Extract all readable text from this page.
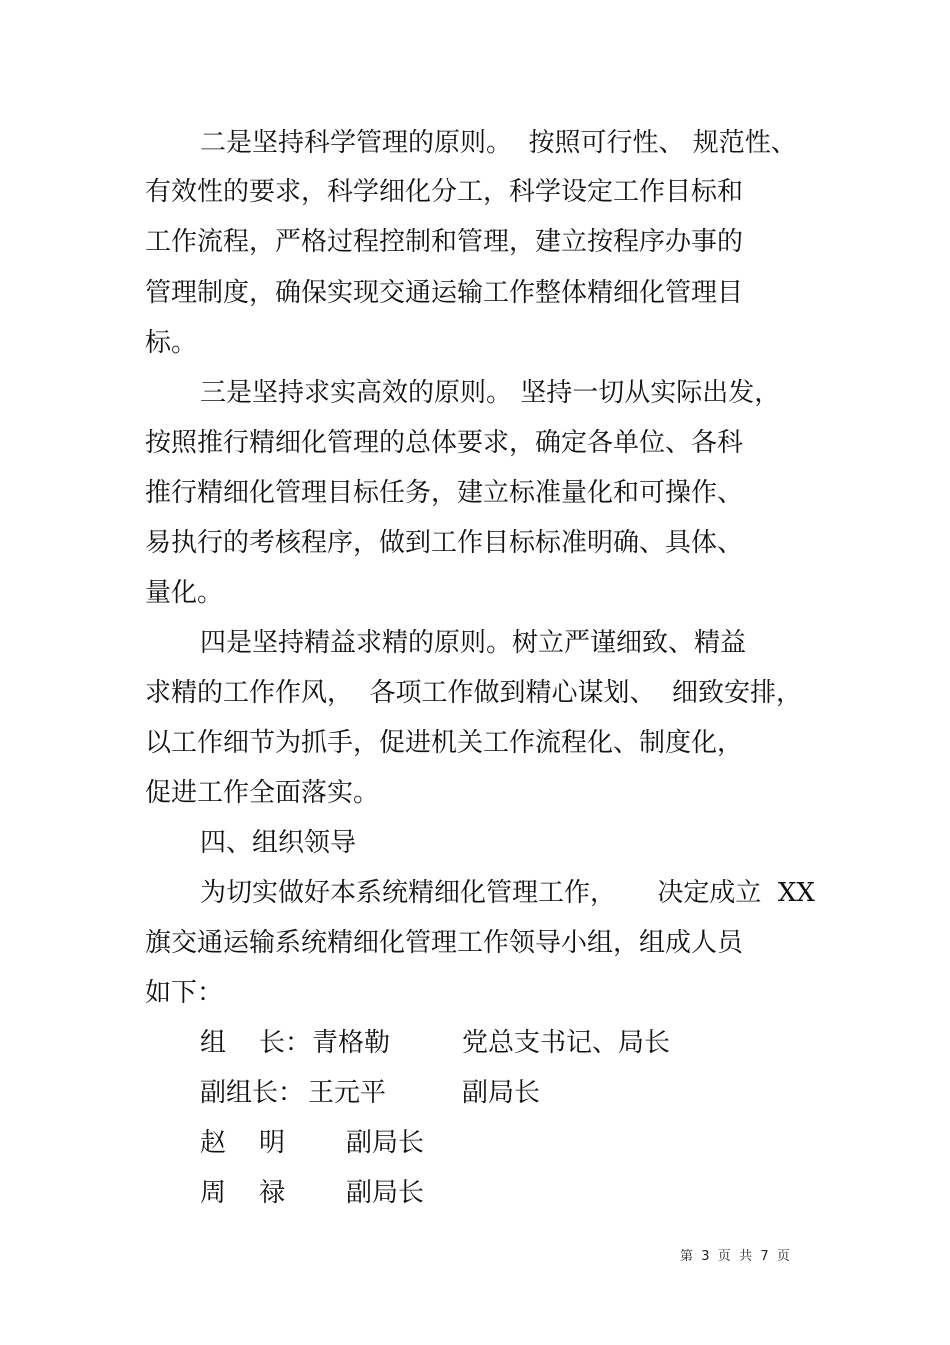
二是坚持科学管理的原则。  按照可行性、 规范性、
有效性的要求，科学细化分工，科学设定工作目标和
工作流程，严格过程控制和管理，建立按程序办事的
管理制度，确保实现交通运输工作整体精细化管理目
标。
三是坚持求实高效的原则。 坚持一切从实际出发，
按照推行精细化管理的总体要求，确定各单位、各科
推行精细化管理目标任务，建立标准量化和可操作、
易执行的考核程序，做到工作目标标准明确、具体、
量化。
四是坚持精益求精的原则。树立严谨细致、精益
求精的工作作风，  各项工作做到精心谋划、  细致安排，
以工作细节为抓手，促进机关工作流程化、制度化，
促进工作全面落实。
四、组织领导
为切实做好本系统精细化管理工作，     决定成立  XX
旗交通运输系统精细化管理工作领导小组，组成人员
如下：
组    长： 青格勒	党总支书记、局长
副组长： 王元平	副局长
赵    明 副局长
周    禄 副局长
第  3  页  共  7  页
